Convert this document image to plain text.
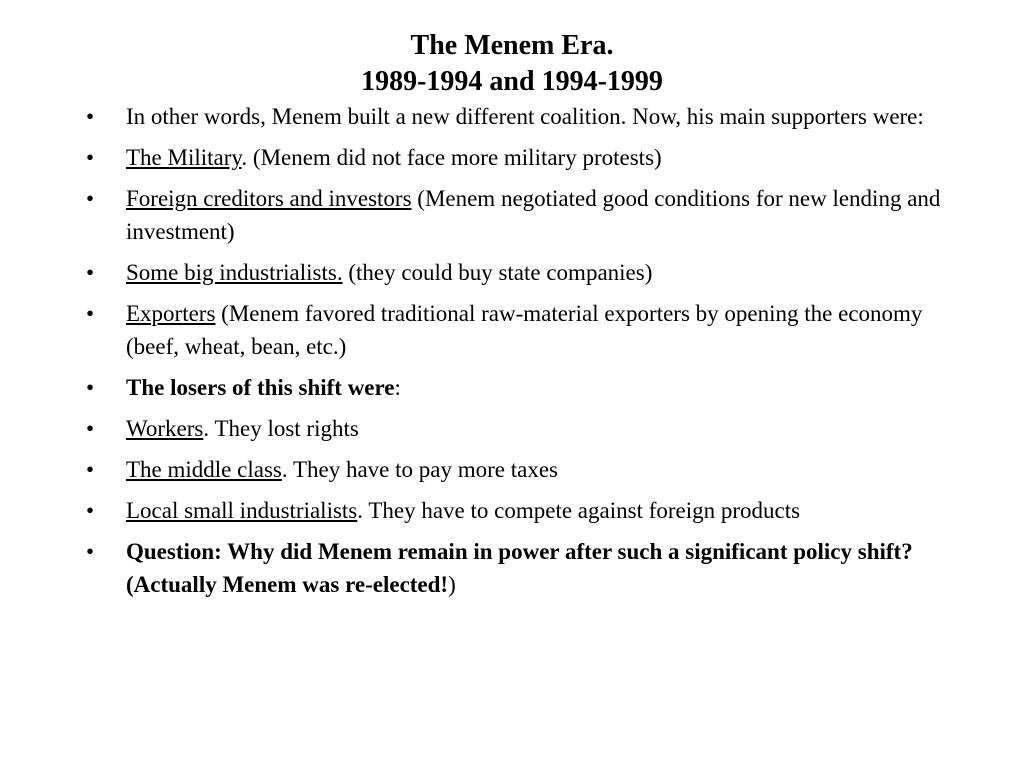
The Menem Era.
1989-1994 and 1994-1999
• In other words, Menem built a new different coalition. Now, his main supporters were:
• The Military. (Menem did not face more military protests)
• Foreign creditors and investors (Menem negotiated good conditions for new lending and investment)
• Some big industrialists. (they could buy state companies)
• Exporters (Menem favored traditional raw-material exporters by opening the economy (beef, wheat, bean, etc.)
• The losers of this shift were:
• Workers. They lost rights
• The middle class. They have to pay more taxes
• Local small industrialists. They have to compete against foreign products
• Question: Why did Menem remain in power after such a significant policy shift? (Actually Menem was re-elected!)
